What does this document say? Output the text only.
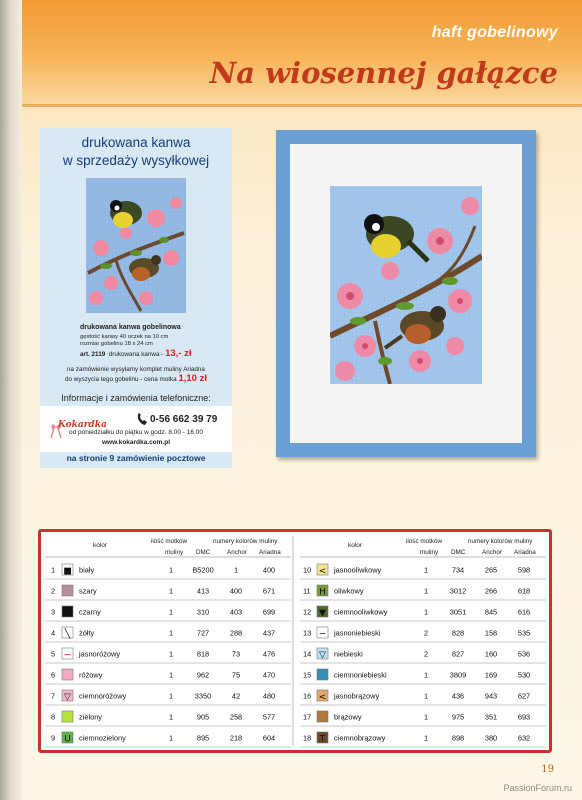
haft gobelinowy
Na wiosennej gałązce
drukowana kanwa
w sprzedaży wysyłkowej
drukowana kanwa gobelinowa
gęstość kanwy 40 oczek na 10 cm
rozmiar gobelinu 18 x 24 cm
art. 2119 drukowana kanwa - 13,- zł
na zamówienie wysyłamy komplet muliny Ariadna
do wyszycia tego gobelinu - cena motka 1,10 zł
Informacje i zamówienia telefoniczne:
Kokardka	0-56 662 39 79
od poniedziałku do piątku w godz. 8.00 - 16.00
www.kokardka.com.pl
na stronie 9 zamówienie pocztowe
kolor
ilość motków
muliny
numery kolorów muliny
DMC	Anchor Ariadna
1 ■ biały	1	B5200	1	400
2	szary	1	413	400	671
3	czarny	1	310	403	699
4 ╲ żółty	1	727	288	437
5 − jasnoróżowy	1	818	73	476
6	różowy	1	962	75	470
7 ▽ ciemnoróżowy	1	3350	42	480
8	zielony	1	905	258	577
9 U ciemnozielony	1	895	218	604
kolor
ilość motków
muliny
numery kolorów muliny
DMC	Anchor Ariadna
10 < jasnooliwkowy	1	734	265	598
11 H oliwkowy	1	3012	266	618
12 ▼ ciemnooliwkowy	1	3051	845	616
13 − jasnoniebieski	2	828	158	535
14 ▽ niebieski	2	827	160	536
15	ciemnoniebieski	1	3809	169	530
16 < jasnobrązowy	1	436	943	627
17	brązowy	1	975	351	693
18 T ciemnobrązowy	1	898	380	632
19
PassionForum.ru
